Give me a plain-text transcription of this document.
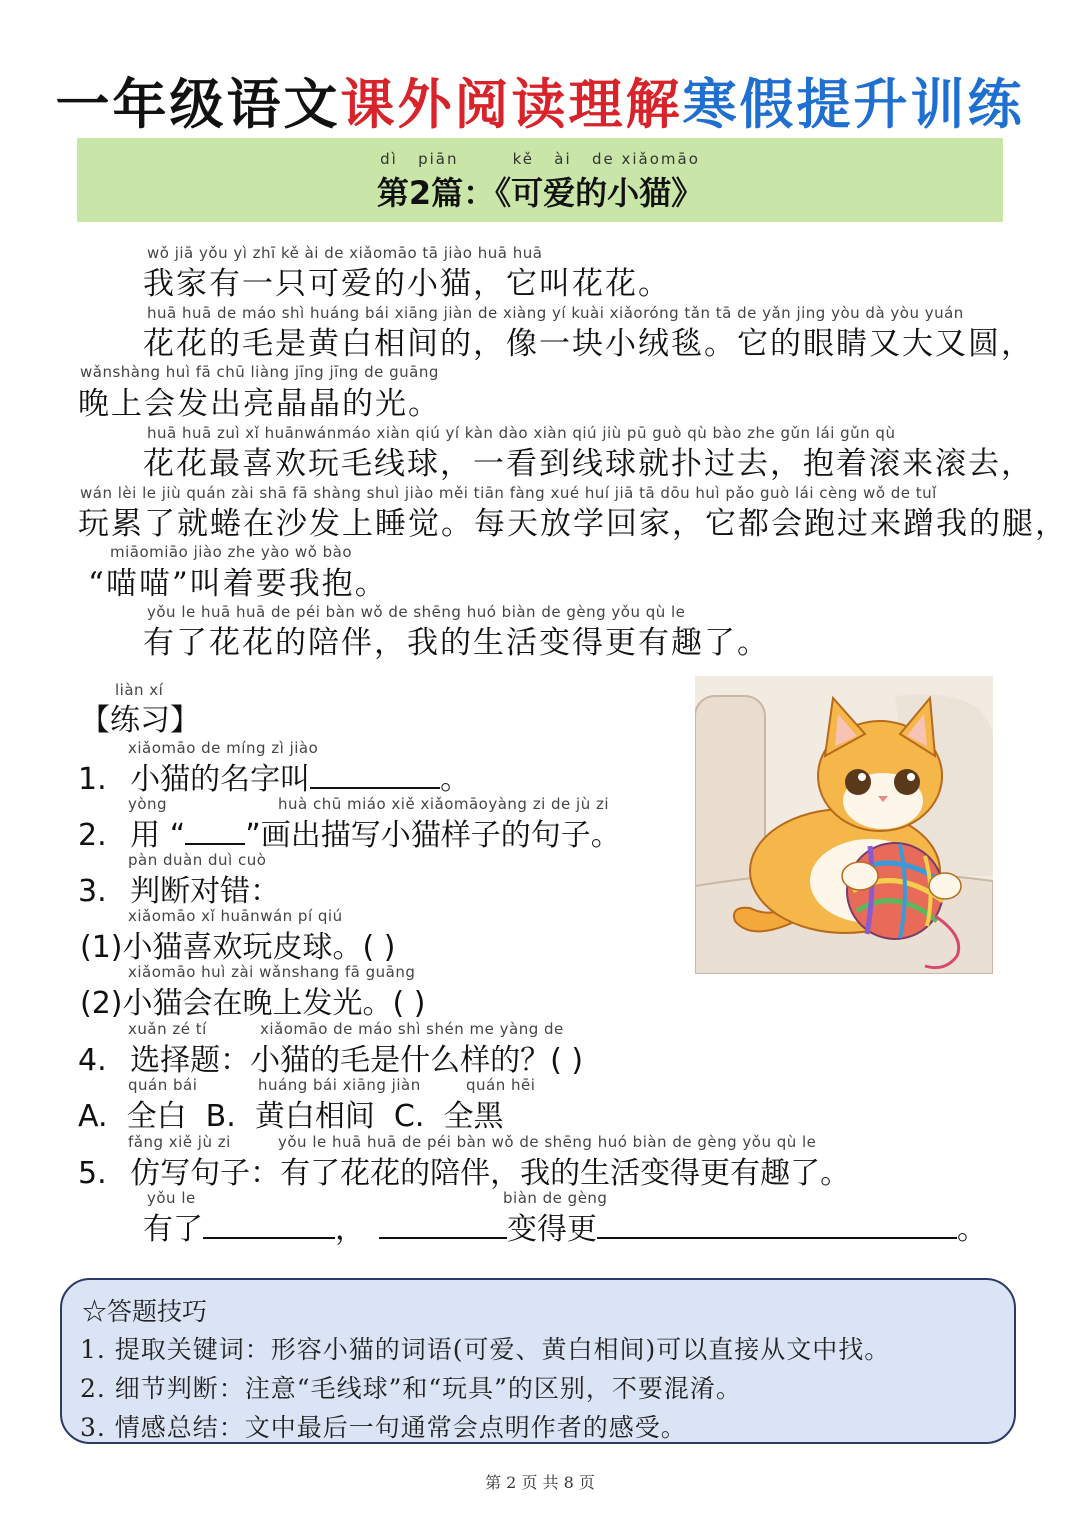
一年级语文课外阅读理解寒假提升训练
dì   piān        kě   ài   de xiǎomāo
第2篇：《可爱的小猫》
wǒ jiā yǒu yì zhī kě ài de xiǎomāo tā jiào huā huā
我家有一只可爱的小猫，它叫花花。
huā huā de máo shì huáng bái xiāng jiàn de xiàng yí kuài xiǎoróng tǎn tā de yǎn jing yòu dà yòu yuán
花花的毛是黄白相间的，像一块小绒毯。它的眼睛又大又圆，
wǎnshàng huì fā chū liàng jīng jīng de guāng
晚上会发出亮晶晶的光。
huā huā zuì xǐ huānwánmáo xiàn qiú yí kàn dào xiàn qiú jiù pū guò qù bào zhe gǔn lái gǔn qù
花花最喜欢玩毛线球，一看到线球就扑过去，抱着滚来滚去，
wán lèi le jiù quán zài shā fā shàng shuì jiào měi tiān fàng xué huí jiā tā dōu huì pǎo guò lái cèng wǒ de tuǐ
玩累了就蜷在沙发上睡觉。每天放学回家，它都会跑过来蹭我的腿，
miāomiāo jiào zhe yào wǒ bào
“喵喵”叫着要我抱。
yǒu le huā huā de péi bàn wǒ de shēng huó biàn de gèng yǒu qù le
有了花花的陪伴，我的生活变得更有趣了。
liàn xí
【练习】
xiǎomāo de míng zì jiào
1. 小猫的名字叫	。
yòng	huà chū miáo xiě xiǎomāoyàng zi de jù zi
2. 用 “ ”画出描写小猫样子的句子。
pàn duàn duì cuò
3. 判断对错：
xiǎomāo xǐ huānwán pí qiú
(1)小猫喜欢玩皮球。( )
xiǎomāo huì zài wǎnshang fā guāng
(2)小猫会在晚上发光。( )
xuǎn zé tí	xiǎomāo de máo shì shén me yàng de
4. 选择题：小猫的毛是什么样的？( )
quán bái	huáng bái xiāng jiàn	quán hēi
A.  全白  B.  黄白相间  C.  全黑
fǎng xiě jù zi	yǒu le huā huā de péi bàn wǒ de shēng huó biàn de gèng yǒu qù le
5. 仿写句子：有了花花的陪伴，我的生活变得更有趣了。
yǒu le	biàn de gèng
有了	，	变得更	。
☆答题技巧
1. 提取关键词：形容小猫的词语(可爱、黄白相间)可以直接从文中找。
2. 细节判断：注意“毛线球”和“玩具”的区别，不要混淆。
3. 情感总结：文中最后一句通常会点明作者的感受。
第 2 页 共 8 页
